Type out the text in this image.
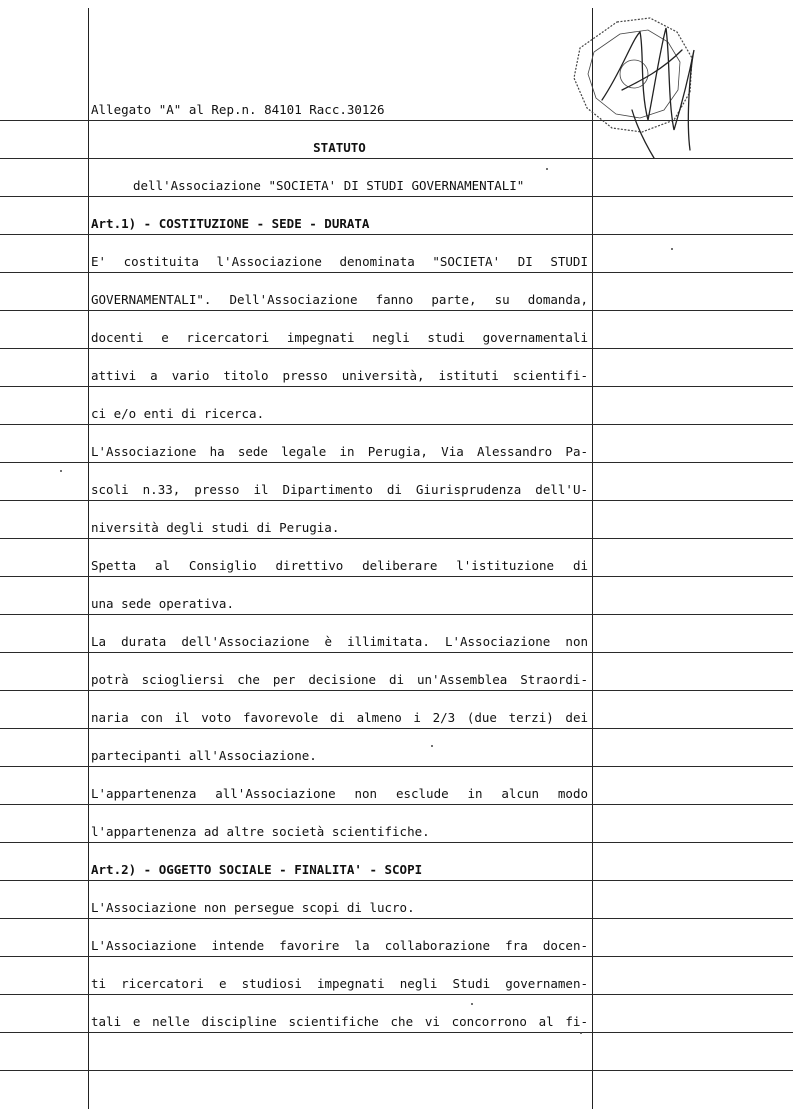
Allegato "A" al Rep.n. 84101 Racc.30126
STATUTO
dell'Associazione "SOCIETA' DI STUDI GOVERNAMENTALI"
Art.1) - COSTITUZIONE - SEDE - DURATA
E' costituita l'Associazione denominata "SOCIETA' DI STUDI
GOVERNAMENTALI". Dell'Associazione fanno parte, su domanda,
docenti e ricercatori impegnati negli studi governamentali
attivi a vario titolo presso università, istituti scientifi-
ci e/o enti di ricerca.
L'Associazione ha sede legale in Perugia, Via Alessandro Pa-
scoli n.33, presso il Dipartimento di Giurisprudenza dell'U-
niversità degli studi di Perugia.
Spetta al Consiglio direttivo deliberare l'istituzione di
una sede operativa.
La durata dell'Associazione è illimitata. L'Associazione non
potrà sciogliersi che per decisione di un'Assemblea Straordi-
naria con il voto favorevole di almeno i 2/3 (due terzi) dei
partecipanti all'Associazione.
L'appartenenza all'Associazione non esclude in alcun modo
l'appartenenza ad altre società scientifiche.
Art.2) - OGGETTO SOCIALE - FINALITA' - SCOPI
L'Associazione non persegue scopi di lucro.
L'Associazione intende favorire la collaborazione fra docen-
ti ricercatori e studiosi impegnati negli Studi governamen-
tali e nelle discipline scientifiche che vi concorrono al fi-
